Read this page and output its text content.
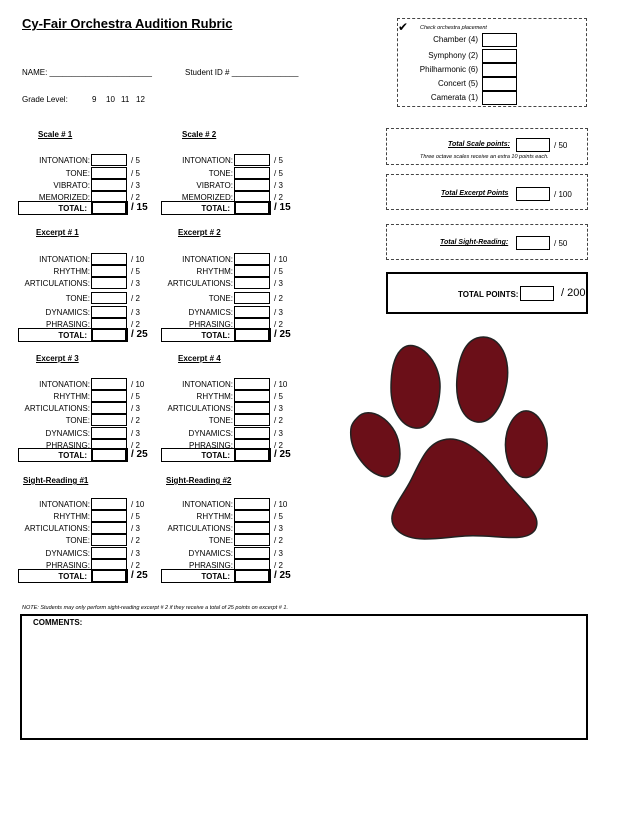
Cy-Fair Orchestra Audition Rubric
NAME: _______________________	Student ID # _______________
Grade Level:	9 10 11 12
✔ Check orchestra placement
Chamber (4)
Symphony (2)
Philharmonic (6)
Concert (5)
Camerata (1)
Scale # 1
INTONATION:	/ 5
TONE:	/ 5
VIBRATO:	/ 3
MEMORIZED:	/ 2
TOTAL:	/ 15
Scale # 2
INTONATION:	/ 5
TONE:	/ 5
VIBRATO:	/ 3
MEMORIZED:	/ 2
TOTAL:	/ 15
Excerpt # 1
INTONATION:	/ 10
RHYTHM:	/ 5
ARTICULATIONS:	/ 3
TONE:	/ 2
DYNAMICS:	/ 3
PHRASING:	/ 2
TOTAL:	/ 25
Excerpt # 2
INTONATION:	/ 10
RHYTHM:	/ 5
ARTICULATIONS:	/ 3
TONE:	/ 2
DYNAMICS:	/ 3
PHRASING:	/ 2
TOTAL:	/ 25
Excerpt # 3
INTONATION:	/ 10
RHYTHM:	/ 5
ARTICULATIONS:	/ 3
TONE:	/ 2
DYNAMICS:	/ 3
PHRASING:	/ 2
TOTAL:	/ 25
Excerpt # 4
INTONATION:	/ 10
RHYTHM:	/ 5
ARTICULATIONS:	/ 3
TONE:	/ 2
DYNAMICS:	/ 3
PHRASING:	/ 2
TOTAL:	/ 25
Sight-Reading #1
INTONATION:	/ 10
RHYTHM:	/ 5
ARTICULATIONS:	/ 3
TONE:	/ 2
DYNAMICS:	/ 3
PHRASING:	/ 2
TOTAL:	/ 25
Sight-Reading #2
INTONATION:	/ 10
RHYTHM:	/ 5
ARTICULATIONS:	/ 3
TONE:	/ 2
DYNAMICS:	/ 3
PHRASING:	/ 2
TOTAL:	/ 25
Total Scale points:	/ 50
Three octave scales receive an extra 10 points each.
Total Excerpt Points	/ 100
Total Sight-Reading:	/ 50
TOTAL POINTS:	/ 200
NOTE: Students may only perform sight-reading excerpt # 2 if they receive a total of 25 points on excerpt # 1.
COMMENTS:
